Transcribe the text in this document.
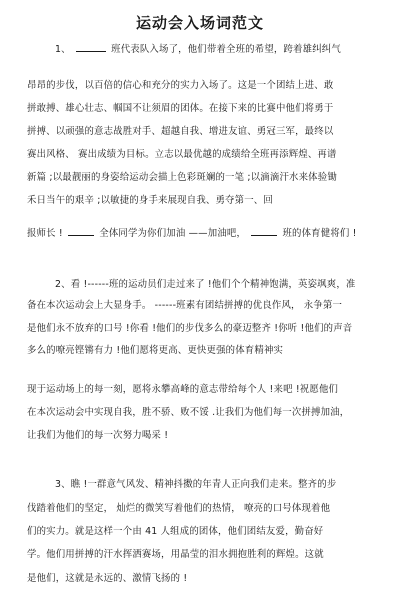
运动会入场词范文
1、	班代表队入场了，他们带着全班的希望，跨着雄纠纠气
昂昂的步伐，以百倍的信心和充分的实力入场了。这是一个团结上进、敢
拼敢搏、雄心壮志、帼国不让须眉的团体。在接下来的比赛中他们将勇于
拼搏、以顽强的意志战胜对手、超越自我、增进友谊、勇冠三军，最终以
赛出风格、 赛出成绩为目标。立志以最优越的成绩给全班再添辉煌、再谱
新篇 ;以最靓丽的身姿给运动会描上色彩斑斓的一笔 ;以滴滴汗水来体验锄
禾日当午的艰辛 ;以敏捷的身手来展现自我、勇夺第一、回
报师长 !	全体同学为你们加油 ——加油吧，	班的体育健将们 !
2、看 !------班的运动员们走过来了 !他们个个精神饱满，英姿飒爽，准
备在本次运动会上大显身手。 ------班素有团结拼搏的优良作风， 永争第一
是他们永不放弃的口号 !你看 !他们的步伐多么的豪迈整齐 !你听 !他们的声音
多么的嘹亮铿锵有力 !他们愿将更高、更快更强的体育精神实
现于运动场上的每一刻，愿将永攀高峰的意志带给每个人 !来吧 !祝愿他们
在本次运动会中实现自我，胜不骄、败不馁 .让我们为他们每一次拼搏加油，
让我们为他们的每一次努力喝采 !
3、瞧 !一群意气风发、精神抖擞的年青人正向我们走来。整齐的步
伐踏着他们的坚定， 灿烂的微笑写着他们的热情， 嘹亮的口号体现着他
们的实力。就是这样一个由 41 人组成的团体，他们团结友爱，勤奋好
学。他们用拼搏的汗水挥洒赛场，用晶莹的泪水拥抱胜利的辉煌。这就
是他们，这就是永远的、激情飞扬的 !
